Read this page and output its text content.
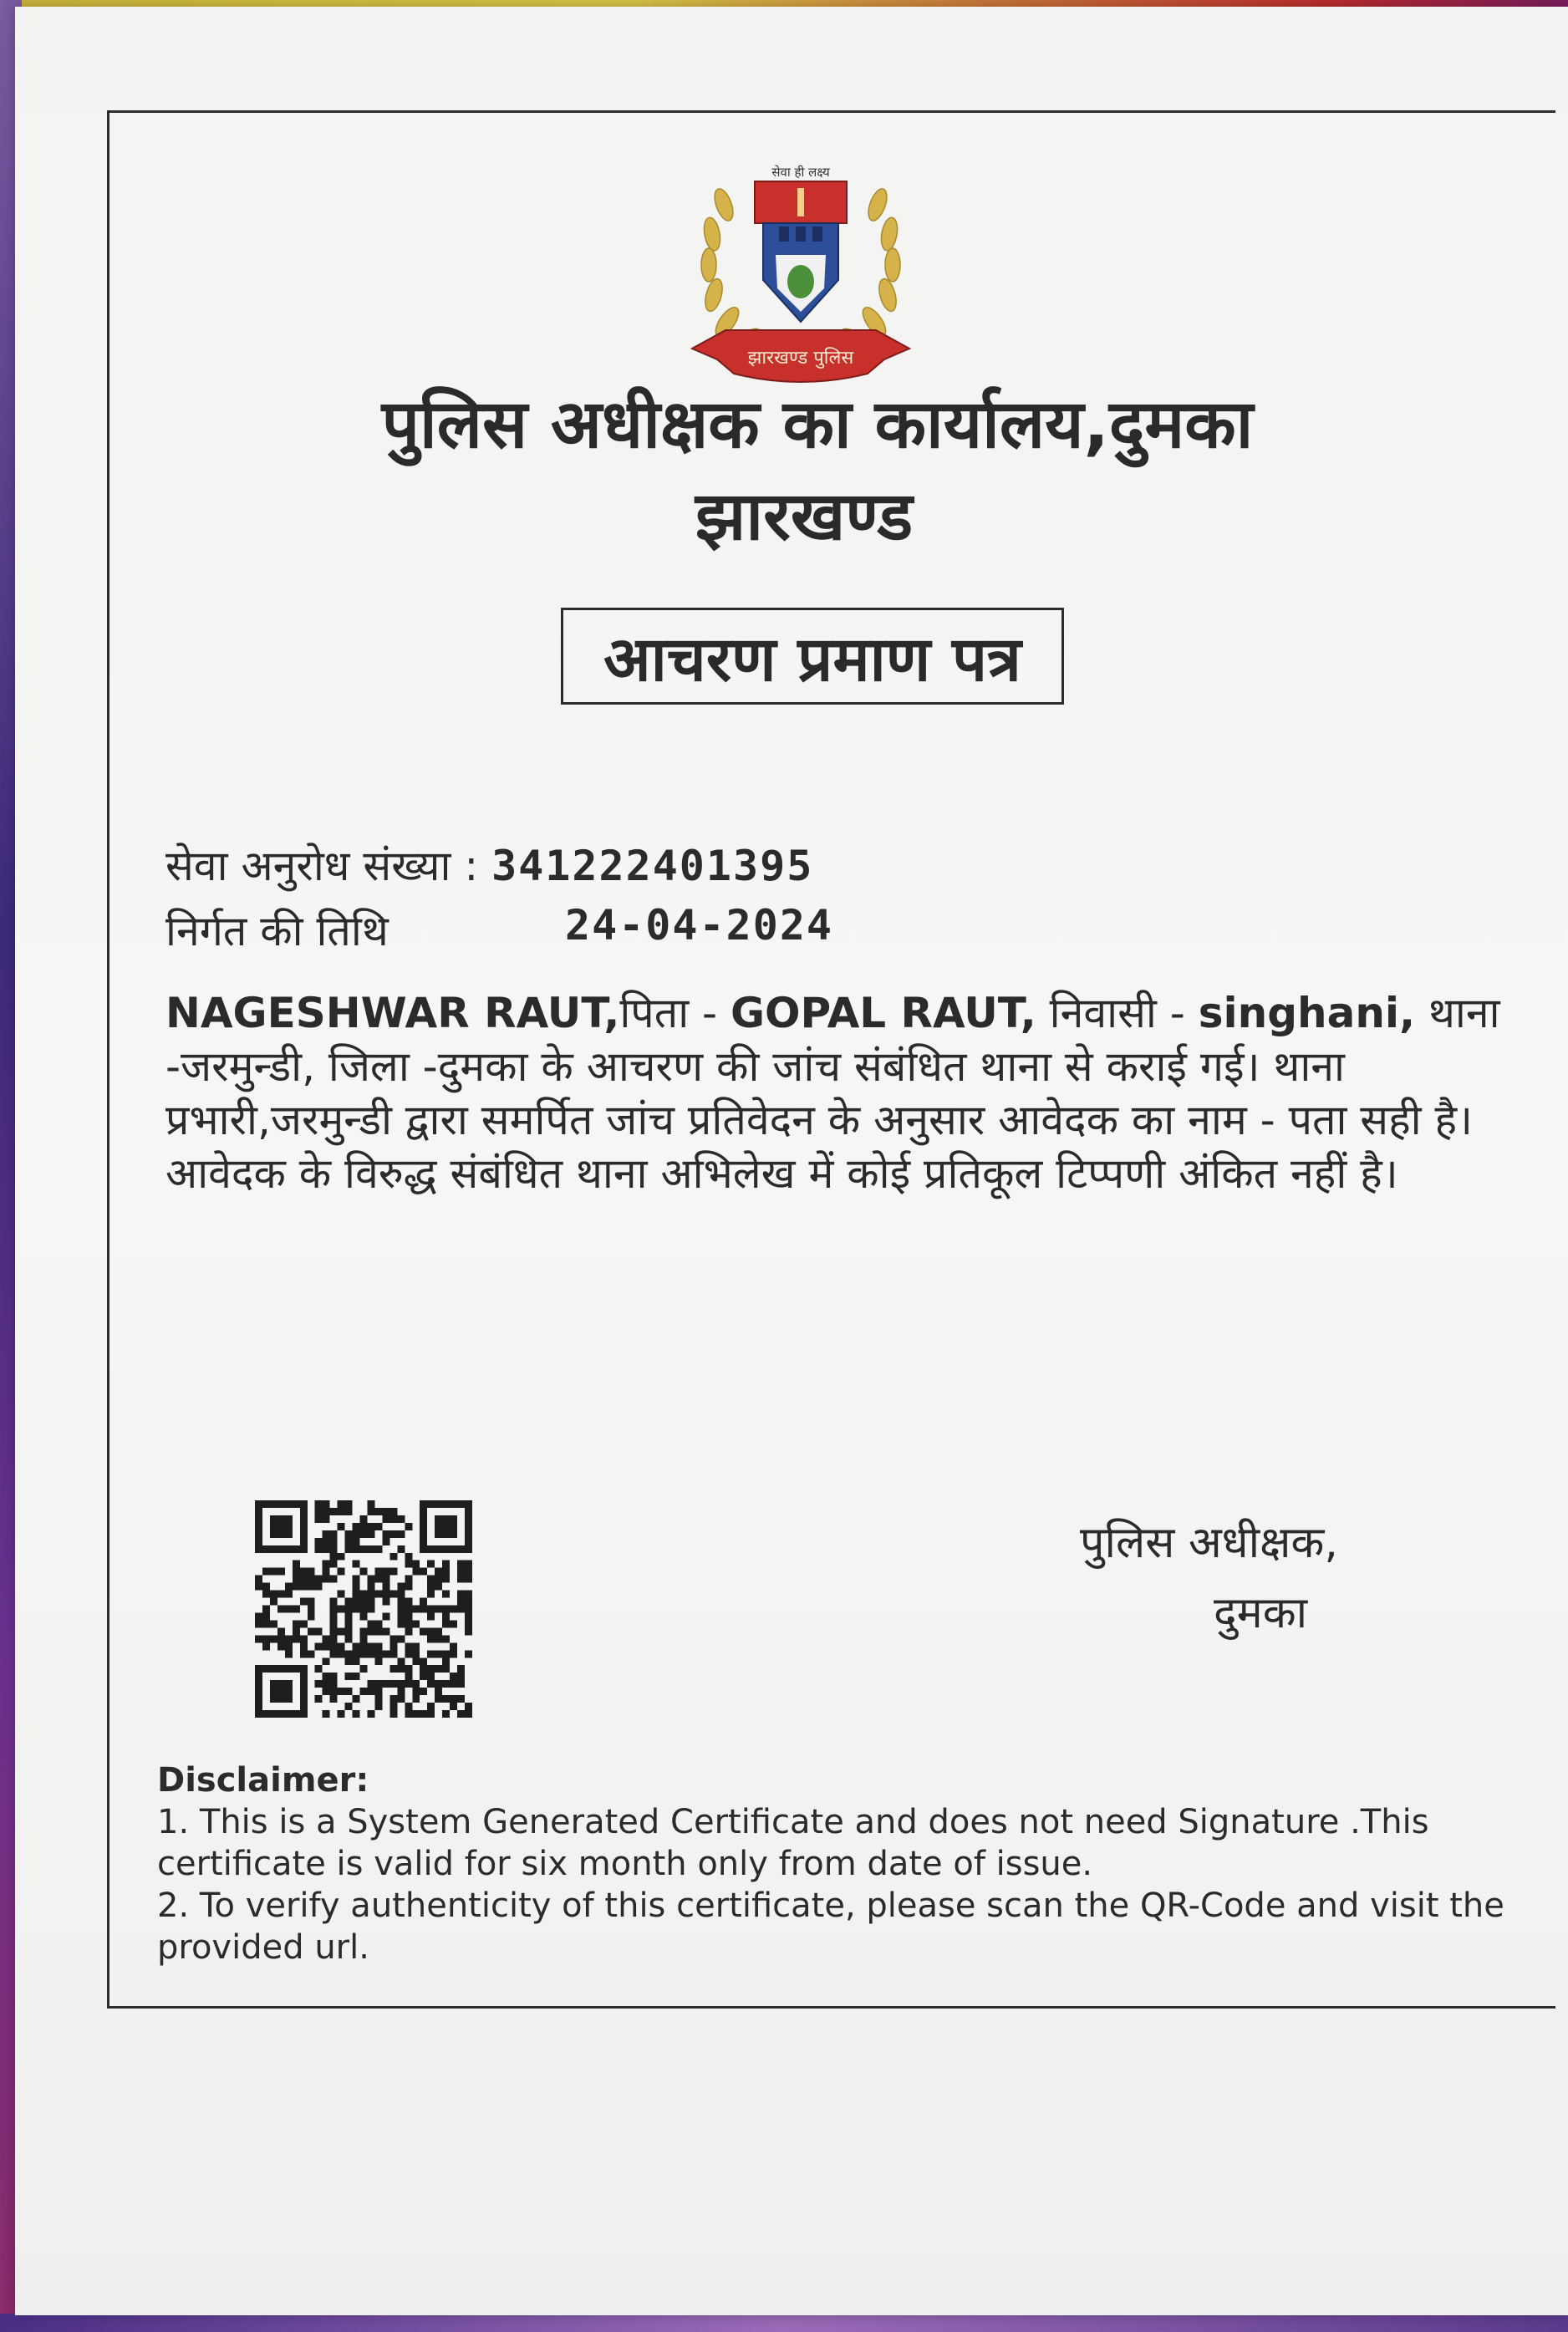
झारखण्ड पुलिस
सेवा ही लक्ष्य
पुलिस अधीक्षक का कार्यालय,दुमका
झारखण्ड
आचरण प्रमाण पत्र
सेवा अनुरोध संख्या : 341222401395
निर्गत की तिथि	24-04-2024
NAGESHWAR RAUT,पिता - GOPAL RAUT, निवासी - singhani, थाना -जरमुन्डी, जिला -दुमका के आचरण की जांच संबंधित थाना से कराई गई। थाना प्रभारी,जरमुन्डी द्वारा समर्पित जांच प्रतिवेदन के अनुसार आवेदक का नाम - पता सही है। आवेदक के विरुद्ध संबंधित थाना अभिलेख में कोई प्रतिकूल टिप्पणी अंकित नहीं है।
पुलिस अधीक्षक,
दुमका
Disclaimer:
1. This is a System Generated Certificate and does not need Signature .This certificate is valid for six month only from date of issue.
2. To verify authenticity of this certificate, please scan the QR-Code and visit the provided url.
